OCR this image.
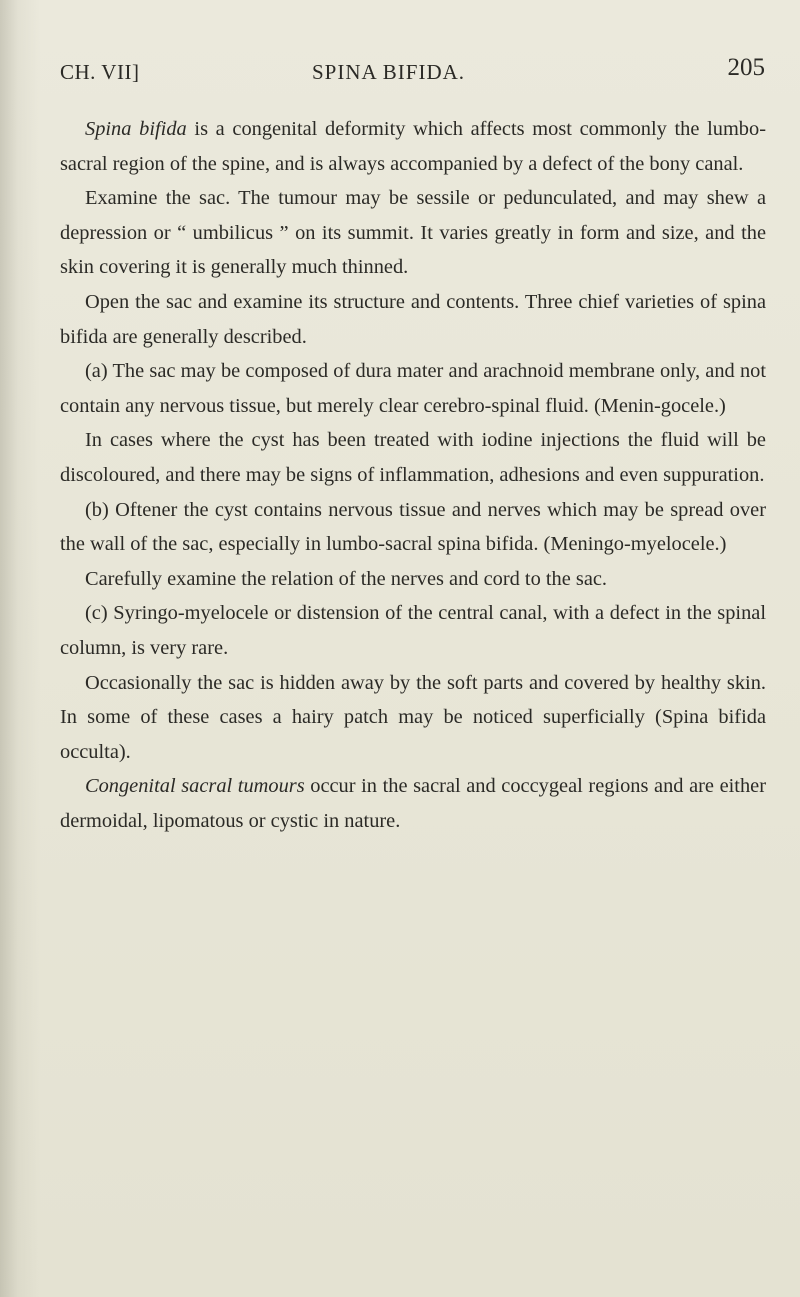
CH. VII]	SPINA BIFIDA.	205

Spina bifida is a congenital deformity which affects most commonly the lumbo-sacral region of the spine, and is always accompanied by a defect of the bony canal.

Examine the sac. The tumour may be sessile or pedunculated, and may shew a depression or “ umbilicus ” on its summit. It varies greatly in form and size, and the skin covering it is generally much thinned.

Open the sac and examine its structure and contents. Three chief varieties of spina bifida are generally described.

(a) The sac may be composed of dura mater and arachnoid membrane only, and not contain any nervous tissue, but merely clear cerebro-spinal fluid. (Menin-gocele.)

In cases where the cyst has been treated with iodine injections the fluid will be discoloured, and there may be signs of inflammation, adhesions and even suppuration.

(b) Oftener the cyst contains nervous tissue and nerves which may be spread over the wall of the sac, especially in lumbo-sacral spina bifida. (Meningo-myelocele.)

Carefully examine the relation of the nerves and cord to the sac.

(c) Syringo-myelocele or distension of the central canal, with a defect in the spinal column, is very rare.

Occasionally the sac is hidden away by the soft parts and covered by healthy skin. In some of these cases a hairy patch may be noticed superficially (Spina bifida occulta).

Congenital sacral tumours occur in the sacral and coccygeal regions and are either dermoidal, lipomatous or cystic in nature.
